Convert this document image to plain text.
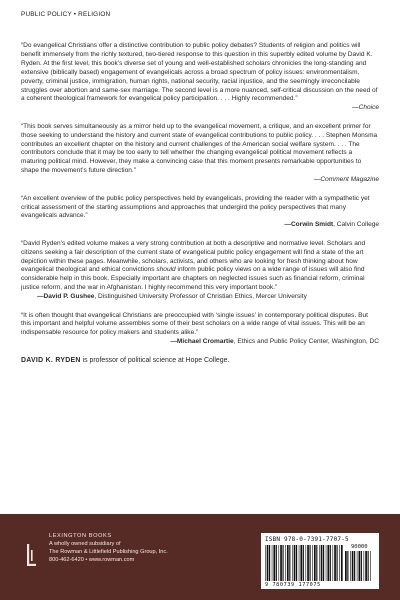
PUBLIC POLICY • RELIGION

“Do evangelical Christians offer a distinctive contribution to public policy debates? Students of religion and politics will benefit immensely from the richly textured, two-tiered response to this question in this superbly edited volume by David K. Ryden. At the first level, this book’s diverse set of young and well-established scholars chronicles the long-standing and extensive (biblically based) engagement of evangelicals across a broad spectrum of policy issues: environmentalism, poverty, criminal justice, immigration, human rights, national security, racial injustice, and the seemingly irreconcilable struggles over abortion and same-sex marriage. The second level is a more nuanced, self-critical discussion on the need of a coherent theological framework for evangelical policy participation. . . . Highly recommended.”

—Choice

“This book serves simultaneously as a mirror held up to the evangelical movement, a critique, and an excellent primer for those seeking to understand the history and current state of evangelical contributions to public policy. . . . Stephen Monsma contributes an excellent chapter on the history and current challenges of the American social welfare system. . . . The contributors conclude that it may be too early to tell whether the changing evangelical political movement reflects a maturing political mind. However, they make a convincing case that this moment presents remarkable opportunities to shape the movement’s future direction.”

—Comment Magazine

“An excellent overview of the public policy perspectives held by evangelicals, providing the reader with a sympathetic yet critical assessment of the starting assumptions and approaches that undergird the policy perspectives that many evangelicals advance.”

—Corwin Smidt, Calvin College

“David Ryden’s edited volume makes a very strong contribution at both a descriptive and normative level. Scholars and citizens seeking a fair description of the current state of evangelical public policy engagement will find a state of the art depiction within these pages. Meanwhile, scholars, activists, and others who are looking for fresh thinking about how evangelical theological and ethical convictions should inform public policy views on a wide range of issues will also find considerable help in this book. Especially important are chapters on neglected issues such as financial reform, criminal justice reform, and the war in Afghanistan. I highly recommend this very important book.”

—David P. Gushee, Distinguished University Professor of Christian Ethics, Mercer University

“It is often thought that evangelical Christians are preoccupied with ‘single issues’ in contemporary political disputes. But this important and helpful volume assembles some of their best scholars on a wide range of vital issues. This will be an indispensable resource for policy makers and students alike.”

—Michael Cromartie, Ethics and Public Policy Center, Washington, DC
DAVID K. RYDEN is professor of political science at Hope College.
LEXINGTON BOOKS
A wholly owned subsidiary of
The Rowman & Littlefield Publishing Group, Inc.
800-462-6420 • www.rowman.com
ISBN 978-0-7391-7707-5
90000
9 780739 177075
